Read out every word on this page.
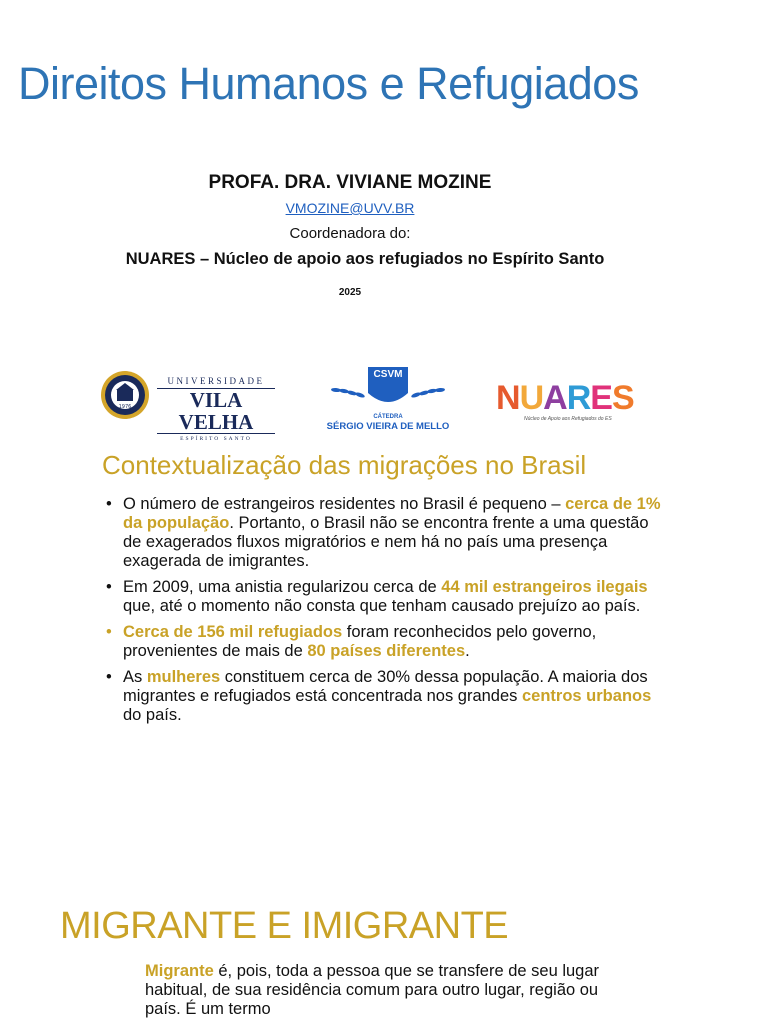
Direitos Humanos e Refugiados
PROFA. DRA. VIVIANE MOZINE
VMOZINE@UVV.BR
Coordenadora do:
NUARES – Núcleo de apoio aos refugiados no Espírito Santo
2025
1976
UNIVERSIDADE
VILA VELHA
ESPÍRITO SANTO
CSVM
CÁTEDRA
SÉRGIO VIEIRA DE MELLO
NUARES
Núcleo de Apoio aos Refugiados do ES
Contextualização das migrações no Brasil
• O número de estrangeiros residentes no Brasil é pequeno – cerca de 1% da população. Portanto, o Brasil não se encontra frente a uma questão de exagerados fluxos migratórios e nem há no país uma presença exagerada de imigrantes.
• Em 2009, uma anistia regularizou cerca de 44 mil estrangeiros ilegais que, até o momento não consta que tenham causado prejuízo ao país.
• Cerca de 156 mil refugiados foram reconhecidos pelo governo, provenientes de mais de 80 países diferentes.
• As mulheres constituem cerca de 30% dessa população. A maioria dos migrantes e refugiados está concentrada nos grandes centros urbanos do país.
MIGRANTE E IMIGRANTE
Migrante é, pois, toda a pessoa que se transfere de seu lugar habitual, de sua residência comum para outro lugar, região ou país. É um termo
